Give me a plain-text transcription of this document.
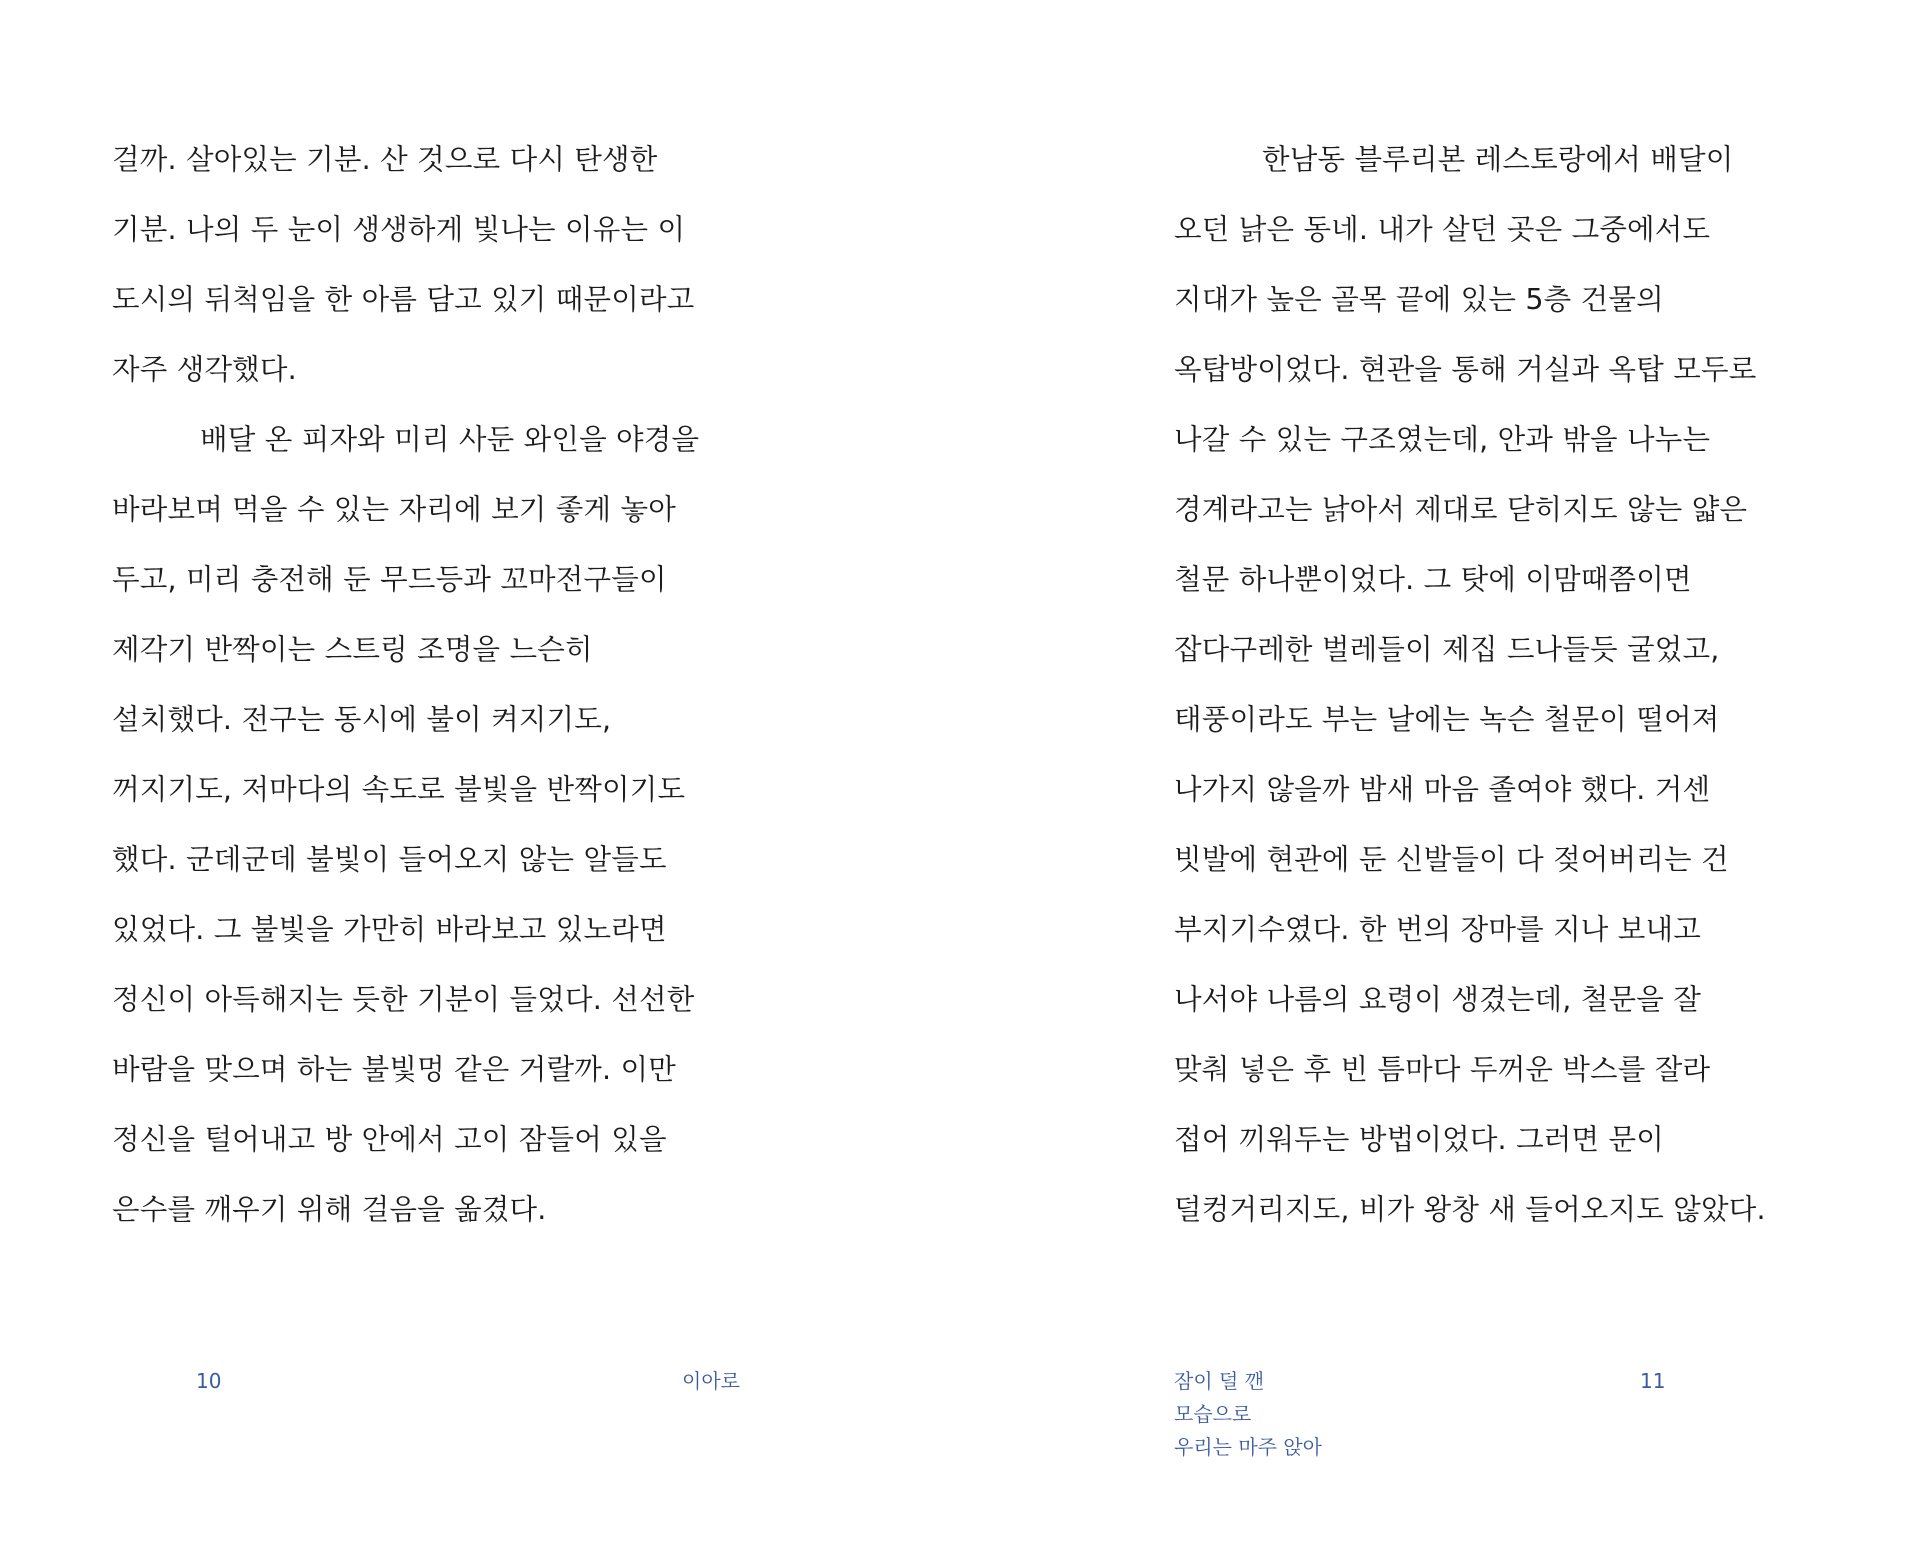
걸까. 살아있는 기분. 산 것으로 다시 탄생한
기분. 나의 두 눈이 생생하게 빛나는 이유는 이
도시의 뒤척임을 한 아름 담고 있기 때문이라고
자주 생각했다.
배달 온 피자와 미리 사둔 와인을 야경을
바라보며 먹을 수 있는 자리에 보기 좋게 놓아
두고, 미리 충전해 둔 무드등과 꼬마전구들이
제각기 반짝이는 스트링 조명을 느슨히
설치했다. 전구는 동시에 불이 켜지기도,
꺼지기도, 저마다의 속도로 불빛을 반짝이기도
했다. 군데군데 불빛이 들어오지 않는 알들도
있었다. 그 불빛을 가만히 바라보고 있노라면
정신이 아득해지는 듯한 기분이 들었다. 선선한
바람을 맞으며 하는 불빛멍 같은 거랄까. 이만
정신을 털어내고 방 안에서 고이 잠들어 있을
은수를 깨우기 위해 걸음을 옮겼다.
10	이아로
한남동 블루리본 레스토랑에서 배달이
오던 낡은 동네. 내가 살던 곳은 그중에서도
지대가 높은 골목 끝에 있는 5층 건물의
옥탑방이었다. 현관을 통해 거실과 옥탑 모두로
나갈 수 있는 구조였는데, 안과 밖을 나누는
경계라고는 낡아서 제대로 닫히지도 않는 얇은
철문 하나뿐이었다. 그 탓에 이맘때쯤이면
잡다구레한 벌레들이 제집 드나들듯 굴었고,
태풍이라도 부는 날에는 녹슨 철문이 떨어져
나가지 않을까 밤새 마음 졸여야 했다. 거센
빗발에 현관에 둔 신발들이 다 젖어버리는 건
부지기수였다. 한 번의 장마를 지나 보내고
나서야 나름의 요령이 생겼는데, 철문을 잘
맞춰 넣은 후 빈 틈마다 두꺼운 박스를 잘라
접어 끼워두는 방법이었다. 그러면 문이
덜컹거리지도, 비가 왕창 새 들어오지도 않았다.
잠이 덜 깬
모습으로
우리는 마주 앉아
11
